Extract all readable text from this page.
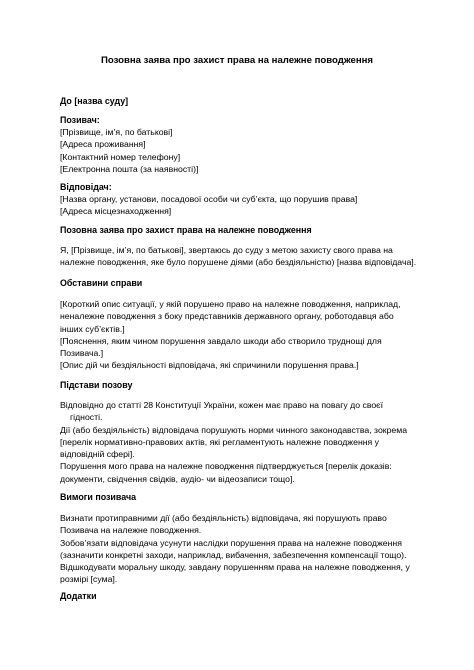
Позовна заява про захист права на належне поводження
До [назва суду]
Позивач:
[Прізвище, ім’я, по батькові]
[Адреса проживання]
[Контактний номер телефону]
[Електронна пошта (за наявності)]
Відповідач:
[Назва органу, установи, посадової особи чи суб’єкта, що порушив права]
[Адреса місцезнаходження]
Позовна заява про захист права на належне поводження
Я, [Прізвище, ім’я, по батькові], звертаюсь до суду з метою захисту свого права на
належне поводження, яке було порушене діями (або бездіяльністю) [назва відповідача].
Обставини справи
[Короткий опис ситуації, у якій порушено право на належне поводження, наприклад,
неналежне поводження з боку представників державного органу, роботодавця або
інших суб’єктів.]
[Пояснення, яким чином порушення завдало шкоди або створило труднощі для
Позивача.]
[Опис дій чи бездіяльності відповідача, які спричинили порушення права.]
Підстави позову
Відповідно до статті 28 Конституції України, кожен має право на повагу до своєї
гідності.
Дії (або бездіяльність) відповідача порушують норми чинного законодавства, зокрема
[перелік нормативно-правових актів, які регламентують належне поводження у
відповідній сфері].
Порушення мого права на належне поводження підтверджується [перелік доказів:
документи, свідчення свідків, аудіо- чи відеозаписи тощо].
Вимоги позивача
Визнати протиправними дії (або бездіяльність) відповідача, які порушують право
Позивача на належне поводження.
Зобов’язати відповідача усунути наслідки порушення права на належне поводження
(зазначити конкретні заходи, наприклад, вибачення, забезпечення компенсації тощо).
Відшкодувати моральну шкоду, завдану порушенням права на належне поводження, у
розмірі [сума].
Додатки
